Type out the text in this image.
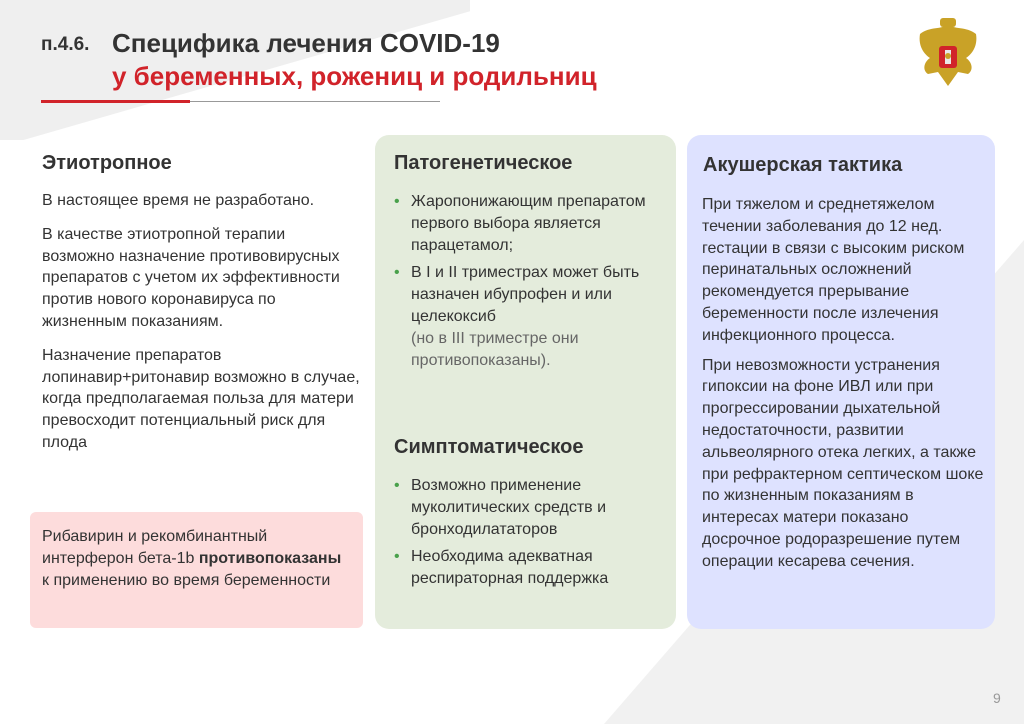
п.4.6. Специфика лечения COVID-19
у беременных, рожениц и родильниц
Этиотропное

В настоящее время не разработано.

В качестве этиотропной терапии возможно назначение противовирусных препаратов с учетом их эффективности против нового коронавируса по жизненным показаниям.

Назначение препаратов лопинавир+ритонавир возможно в случае, когда предполагаемая польза для матери превосходит потенциальный риск для плода

Рибавирин и рекомбинантный интерферон бета-1b противопоказаны к применению во время беременности

Патогенетическое
• Жаропонижающим препаратом первого выбора является парацетамол;
• В I и II триместрах может быть назначен ибупрофен и или целекоксиб
(но в III триместре они противопоказаны).
Симптоматическое
• Возможно применение муколитических средств и бронходилататоров
• Необходима адекватная респираторная поддержка
Акушерская тактика

При тяжелом и среднетяжелом течении заболевания до 12 нед. гестации в связи с высоким риском перинатальных осложнений рекомендуется прерывание беременности после излечения инфекционного процесса.

При невозможности устранения гипоксии на фоне ИВЛ или при прогрессировании дыхательной недостаточности, развитии альвеолярного отека легких, а также при рефрактерном септическом шоке по жизненным показаниям в интересах матери показано досрочное родоразрешение путем операции кесарева сечения.

9
